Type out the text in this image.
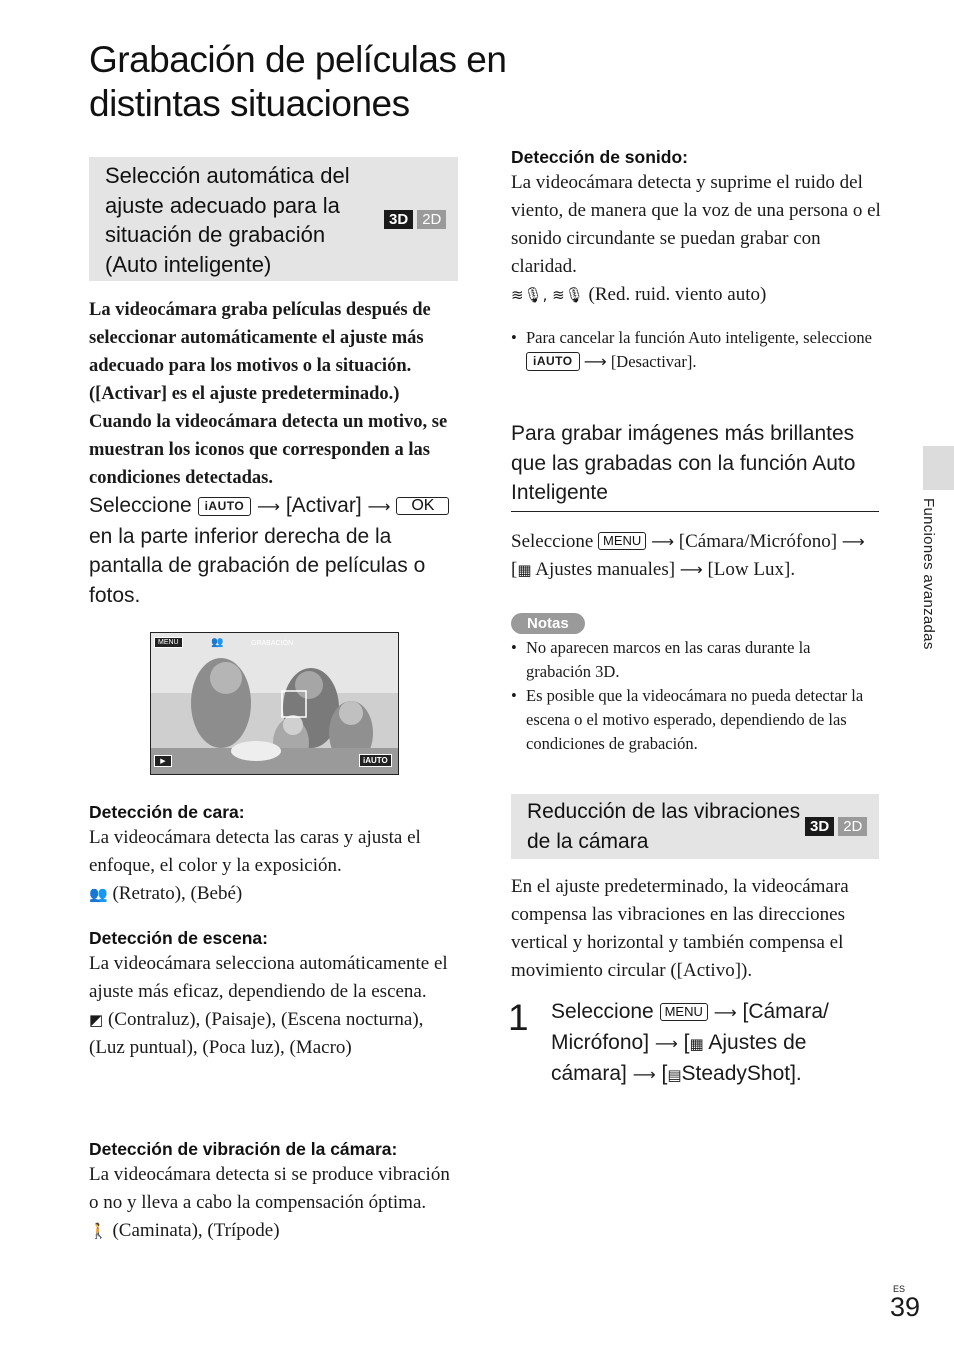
Grabación de películas en distintas situaciones
Selección automática del ajuste adecuado para la situación de grabación (Auto inteligente)
3D 2D
La videocámara graba películas después de seleccionar automáticamente el ajuste más adecuado para los motivos o la situación. ([Activar] es el ajuste predeterminado.) Cuando la videocámara detecta un motivo, se muestran los iconos que corresponden a las condiciones detectadas.
Seleccione iAUTO ⟶ [Activar] ⟶ OK en la parte inferior derecha de la pantalla de grabación de películas o fotos.
MENU	👥	GRABACIÓN
▶	iAUTO
Detección de cara:
La videocámara detecta las caras y ajusta el enfoque, el color y la exposición.
👥 (Retrato), (Bebé)
Detección de escena:
La videocámara selecciona automáticamente el ajuste más eficaz, dependiendo de la escena.
◩ (Contraluz), (Paisaje), (Escena nocturna), (Luz puntual), (Poca luz), (Macro)
Detección de vibración de la cámara:
La videocámara detecta si se produce vibración o no y lleva a cabo la compensación óptima.
🚶 (Caminata), (Trípode)
Detección de sonido:
La videocámara detecta y suprime el ruido del viento, de manera que la voz de una persona o el sonido circundante se puedan grabar con claridad.
≋🎙, ≋🎙 (Red. ruid. viento auto)
• Para cancelar la función Auto inteligente, seleccione iAUTO ⟶ [Desactivar].
Para grabar imágenes más brillantes que las grabadas con la función Auto Inteligente
Seleccione MENU ⟶ [Cámara/Micrófono] ⟶ [▦ Ajustes manuales] ⟶ [Low Lux].
Notas
• No aparecen marcos en las caras durante la grabación 3D.
• Es posible que la videocámara no pueda detectar la escena o el motivo esperado, dependiendo de las condiciones de grabación.
Reducción de las vibraciones de la cámara
3D 2D
En el ajuste predeterminado, la videocámara compensa las vibraciones en las direcciones vertical y horizontal y también compensa el movimiento circular ([Activo]).
1 Seleccione MENU ⟶ [Cámara/ Micrófono] ⟶ [▦ Ajustes de cámara] ⟶ [▤SteadyShot].
Funciones avanzadas
ES
39
